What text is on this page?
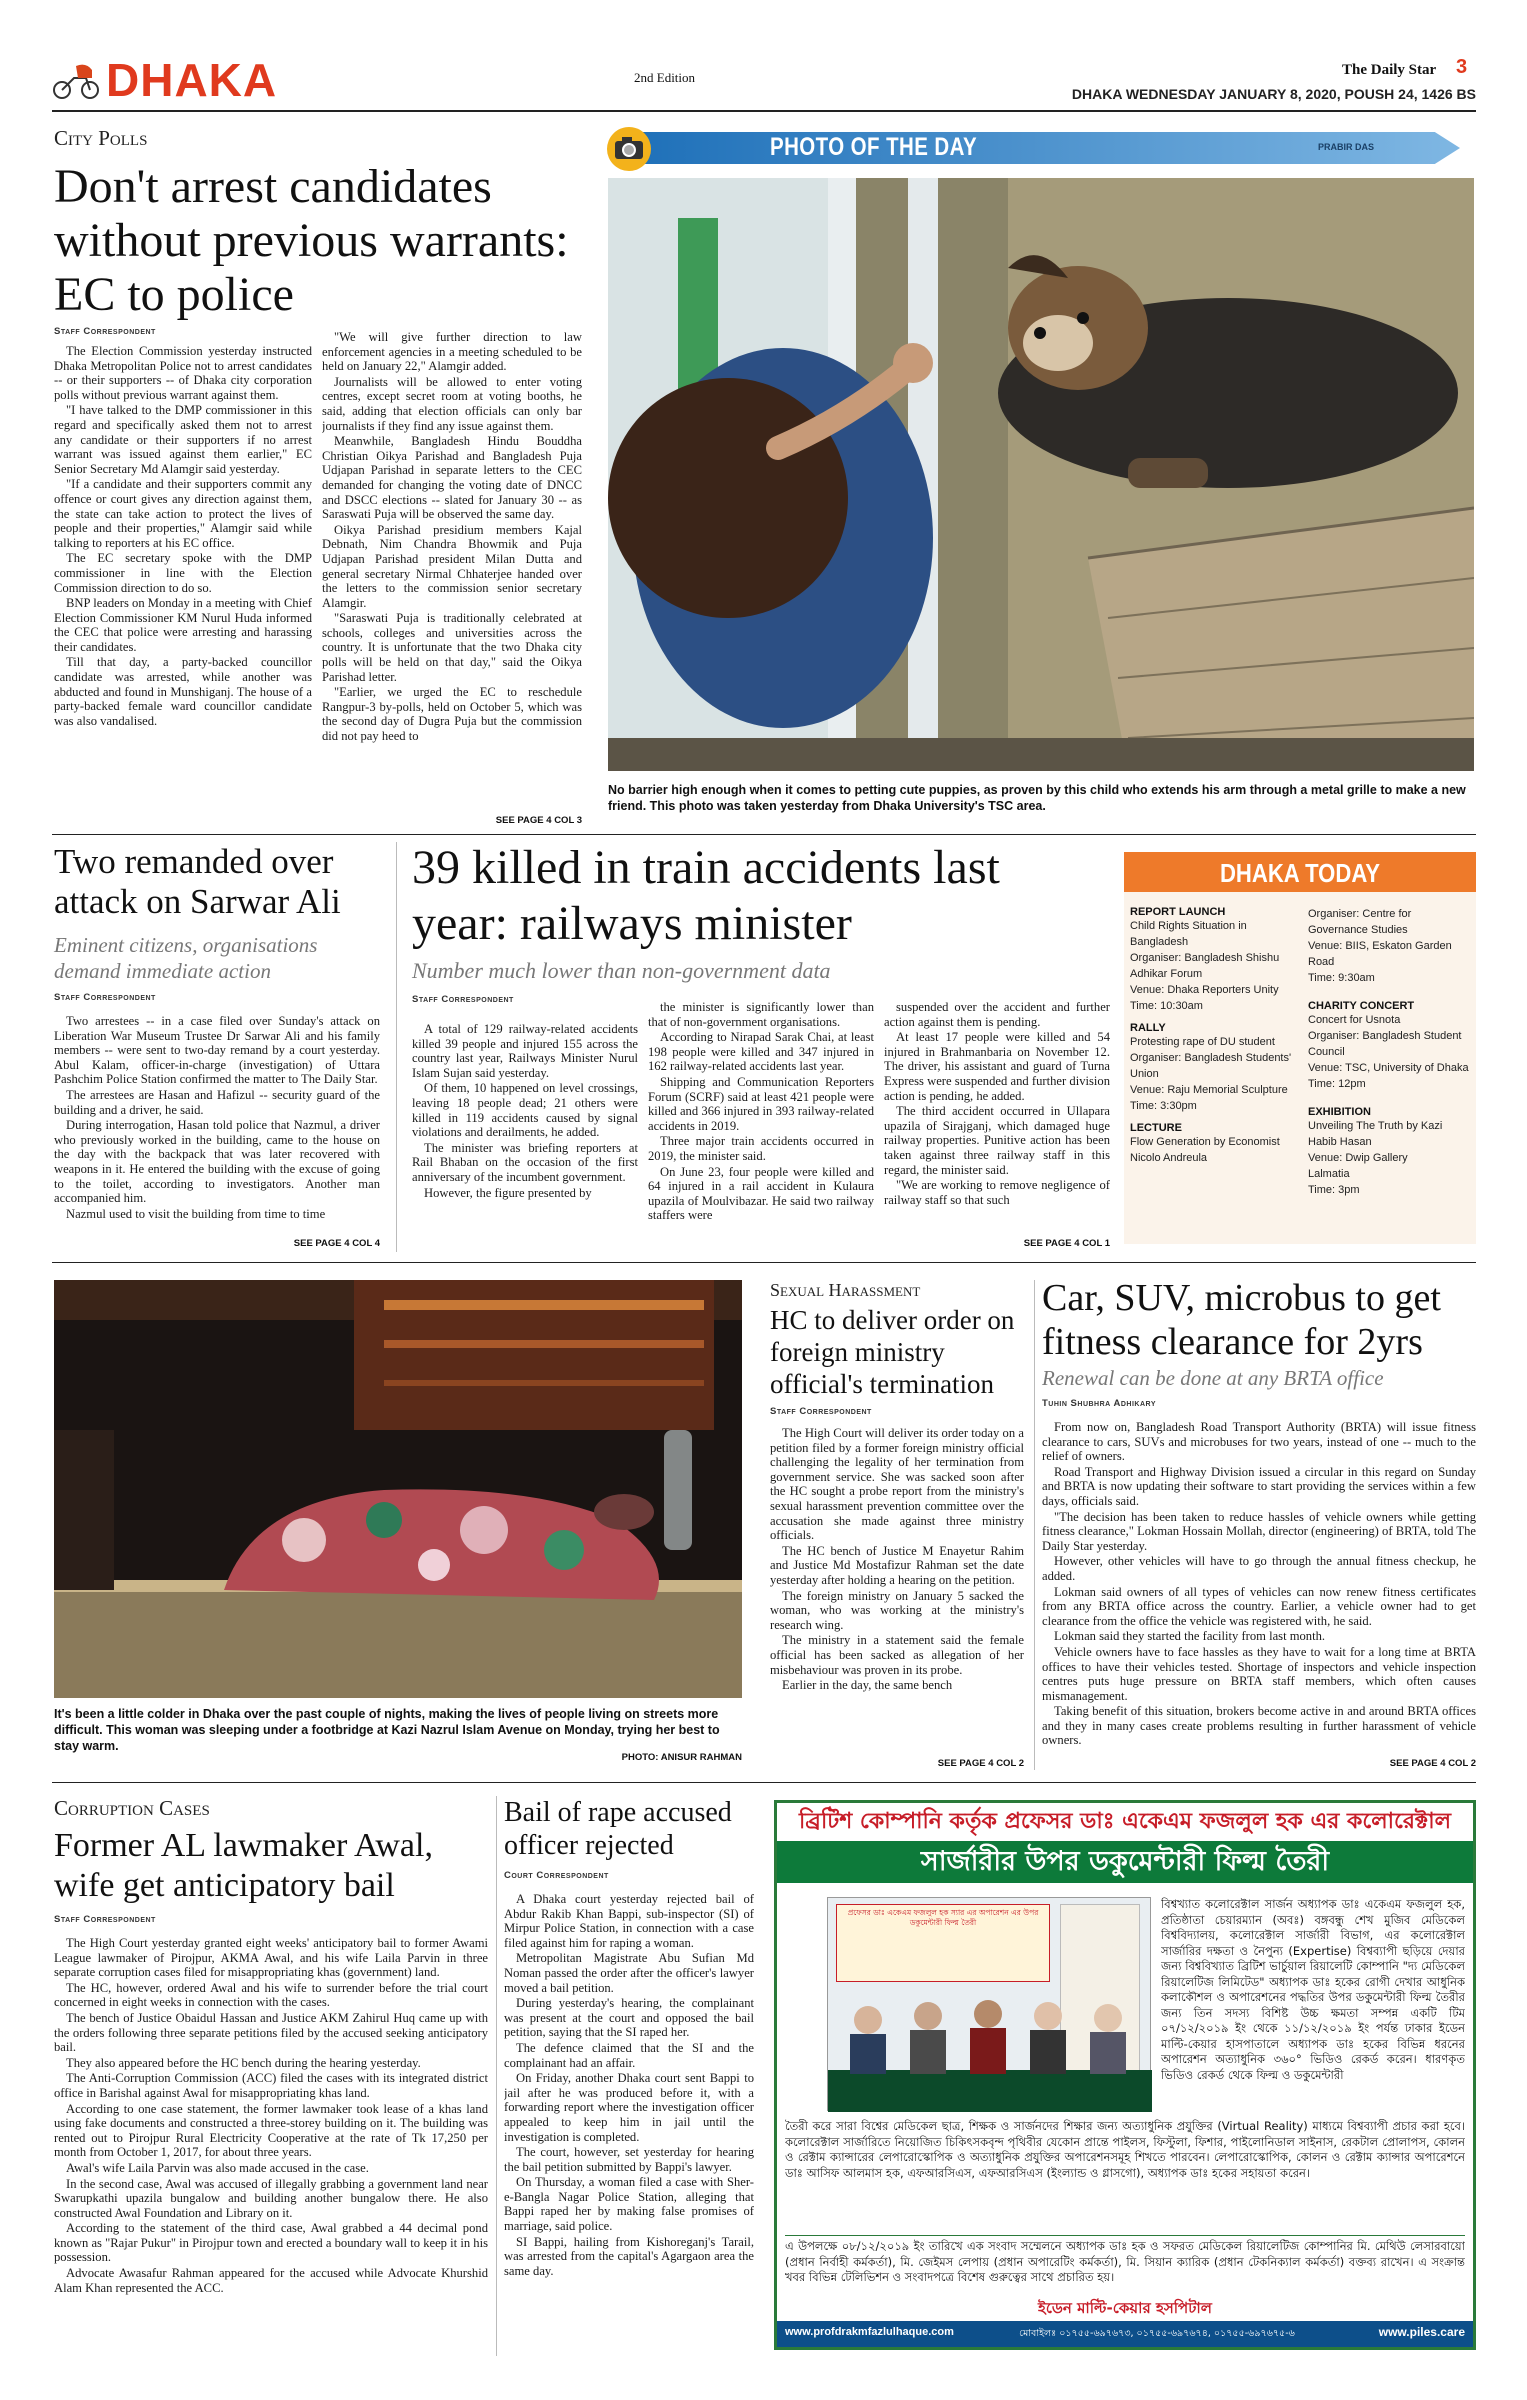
DHAKA	2nd Edition	The Daily Star 3
DHAKA WEDNESDAY JANUARY 8, 2020, POUSH 24, 1426 BS
City Polls
Don't arrest candidates without previous warrants: EC to police
Staff Correspondent

The Election Commission yesterday instructed Dhaka Metropolitan Police not to arrest candidates -- or their supporters -- of Dhaka city corporation polls without previous warrant against them.

"I have talked to the DMP commissioner in this regard and specifically asked them not to arrest any candidate or their supporters if no arrest warrant was issued against them earlier," EC Senior Secretary Md Alamgir said yesterday.

"If a candidate and their supporters commit any offence or court gives any direction against them, the state can take action to protect the lives of people and their properties," Alamgir said while talking to reporters at his EC office.

The EC secretary spoke with the DMP commissioner in line with the Election Commission direction to do so.

BNP leaders on Monday in a meeting with Chief Election Commissioner KM Nurul Huda informed the CEC that police were arresting and harassing their candidates.

Till that day, a party-backed councillor candidate was arrested, while another was abducted and found in Munshiganj. The house of a party-backed female ward councillor candidate was also vandalised.

"We will give further direction to law enforcement agencies in a meeting scheduled to be held on January 22," Alamgir added.

Journalists will be allowed to enter voting centres, except secret room at voting booths, he said, adding that election officials can only bar journalists if they find any issue against them.

Meanwhile, Bangladesh Hindu Bouddha Christian Oikya Parishad and Bangladesh Puja Udjapan Parishad in separate letters to the CEC demanded for changing the voting date of DNCC and DSCC elections -- slated for January 30 -- as Saraswati Puja will be observed the same day.

Oikya Parishad presidium members Kajal Debnath, Nim Chandra Bhowmik and Puja Udjapan Parishad president Milan Dutta and general secretary Nirmal Chhaterjee handed over the letters to the commission senior secretary Alamgir.

"Saraswati Puja is traditionally celebrated at schools, colleges and universities across the country. It is unfortunate that the two Dhaka city polls will be held on that day," said the Oikya Parishad letter.

"Earlier, we urged the EC to reschedule Rangpur-3 by-polls, held on October 5, which was the second day of Dugra Puja but the commission did not pay heed to

SEE PAGE 4 COL 3
PHOTO OF THE DAY	PRABIR DAS
No barrier high enough when it comes to petting cute puppies, as proven by this child who extends his arm through a metal grille to make a new friend. This photo was taken yesterday from Dhaka University's TSC area.
Two remanded over attack on Sarwar Ali
Eminent citizens, organisations demand immediate action
Staff Correspondent

Two arrestees -- in a case filed over Sunday's attack on Liberation War Museum Trustee Dr Sarwar Ali and his family members -- were sent to two-day remand by a court yesterday. Abul Kalam, officer-in-charge (investigation) of Uttara Pashchim Police Station confirmed the matter to The Daily Star.

The arrestees are Hasan and Hafizul -- security guard of the building and a driver, he said.

During interrogation, Hasan told police that Nazmul, a driver who previously worked in the building, came to the house on the day with the backpack that was later recovered with weapons in it. He entered the building with the excuse of going to the toilet, according to investigators. Another man accompanied him.

Nazmul used to visit the building from time to time

SEE PAGE 4 COL 4
39 killed in train accidents last year: railways minister
Number much lower than non-government data
Staff Correspondent

A total of 129 railway-related accidents killed 39 people and injured 155 across the country last year, Railways Minister Nurul Islam Sujan said yesterday.

Of them, 10 happened on level crossings, leaving 18 people dead; 21 others were killed in 119 accidents caused by signal violations and derailments, he added.

The minister was briefing reporters at Rail Bhaban on the occasion of the first anniversary of the incumbent government.

However, the figure presented by

the minister is significantly lower than that of non-government organisations.

According to Nirapad Sarak Chai, at least 198 people were killed and 347 injured in 162 railway-related accidents last year.

Shipping and Communication Reporters Forum (SCRF) said at least 421 people were killed and 366 injured in 393 railway-related accidents in 2019.

Three major train accidents occurred in 2019, the minister said.

On June 23, four people were killed and 64 injured in a rail accident in Kulaura upazila of Moulvibazar. He said two railway staffers were

suspended over the accident and further action against them is pending.

At least 17 people were killed and 54 injured in Brahmanbaria on November 12. The driver, his assistant and guard of Turna Express were suspended and further division action is pending, he added.

The third accident occurred in Ullapara upazila of Sirajganj, which damaged huge railway properties. Punitive action has been taken against three railway staff in this regard, the minister said.

"We are working to remove negligence of railway staff so that such

SEE PAGE 4 COL 1
DHAKA TODAY
REPORT LAUNCH
Child Rights Situation in Bangladesh
Organiser: Bangladesh Shishu Adhikar Forum
Venue: Dhaka Reporters Unity
Time: 10:30am
RALLY
Protesting rape of DU student
Organiser: Bangladesh Students' Union
Venue: Raju Memorial Sculpture
Time: 3:30pm
LECTURE
Flow Generation by Economist Nicolo Andreula
Organiser: Centre for Governance Studies
Venue: BIIS, Eskaton Garden Road
Time: 9:30am
CHARITY CONCERT
Concert for Usnota
Organiser: Bangladesh Student Council
Venue: TSC, University of Dhaka
Time: 12pm
EXHIBITION
Unveiling The Truth by Kazi Habib Hasan
Venue: Dwip Gallery
Lalmatia
Time: 3pm
It's been a little colder in Dhaka over the past couple of nights, making the lives of people living on streets more difficult. This woman was sleeping under a footbridge at Kazi Nazrul Islam Avenue on Monday, trying her best to stay warm.
PHOTO: ANISUR RAHMAN
Sexual Harassment
HC to deliver order on foreign ministry official's termination
Staff Correspondent

The High Court will deliver its order today on a petition filed by a former foreign ministry official challenging the legality of her termination from government service. She was sacked soon after the HC sought a probe report from the ministry's sexual harassment prevention committee over the accusation she made against three ministry officials.

The HC bench of Justice M Enayetur Rahim and Justice Md Mostafizur Rahman set the date yesterday after holding a hearing on the petition.

The foreign ministry on January 5 sacked the woman, who was working at the ministry's research wing.

The ministry in a statement said the female official has been sacked as allegation of her misbehaviour was proven in its probe.

Earlier in the day, the same bench

SEE PAGE 4 COL 2
Car, SUV, microbus to get fitness clearance for 2yrs
Renewal can be done at any BRTA office
Tuhin Shubhra Adhikary

From now on, Bangladesh Road Transport Authority (BRTA) will issue fitness clearance to cars, SUVs and microbuses for two years, instead of one -- much to the relief of owners.

Road Transport and Highway Division issued a circular in this regard on Sunday and BRTA is now updating their software to start providing the services within a few days, officials said.

"The decision has been taken to reduce hassles of vehicle owners while getting fitness clearance," Lokman Hossain Mollah, director (engineering) of BRTA, told The Daily Star yesterday.

However, other vehicles will have to go through the annual fitness checkup, he added.

Lokman said owners of all types of vehicles can now renew fitness certificates from any BRTA office across the country. Earlier, a vehicle owner had to get clearance from the office the vehicle was registered with, he said.

Lokman said they started the facility from last month.

Vehicle owners have to face hassles as they have to wait for a long time at BRTA offices to have their vehicles tested. Shortage of inspectors and vehicle inspection centres puts huge pressure on BRTA staff members, which often causes mismanagement.

Taking benefit of this situation, brokers become active in and around BRTA offices and they in many cases create problems resulting in further harassment of vehicle owners.

SEE PAGE 4 COL 2
Corruption Cases
Former AL lawmaker Awal, wife get anticipatory bail
Staff Correspondent

The High Court yesterday granted eight weeks' anticipatory bail to former Awami League lawmaker of Pirojpur, AKMA Awal, and his wife Laila Parvin in three separate corruption cases filed for misappropriating khas (government) land.

The HC, however, ordered Awal and his wife to surrender before the trial court concerned in eight weeks in connection with the cases.

The bench of Justice Obaidul Hassan and Justice AKM Zahirul Huq came up with the orders following three separate petitions filed by the accused seeking anticipatory bail.

They also appeared before the HC bench during the hearing yesterday.

The Anti-Corruption Commission (ACC) filed the cases with its integrated district office in Barishal against Awal for misappropriating khas land.

According to one case statement, the former lawmaker took lease of a khas land using fake documents and constructed a three-storey building on it. The building was rented out to Pirojpur Rural Electricity Cooperative at the rate of Tk 17,250 per month from October 1, 2017, for about three years.

Awal's wife Laila Parvin was also made accused in the case.

In the second case, Awal was accused of illegally grabbing a government land near Swarupkathi upazila bungalow and building another bungalow there. He also constructed Awal Foundation and Library on it.

According to the statement of the third case, Awal grabbed a 44 decimal pond known as "Rajar Pukur" in Pirojpur town and erected a boundary wall to keep it in his possession.

Advocate Awasafur Rahman appeared for the accused while Advocate Khurshid Alam Khan represented the ACC.

Bail of rape accused officer rejected
Court Correspondent

A Dhaka court yesterday rejected bail of Abdur Rakib Khan Bappi, sub-inspector (SI) of Mirpur Police Station, in connection with a case filed against him for raping a woman.

Metropolitan Magistrate Abu Sufian Md Noman passed the order after the officer's lawyer moved a bail petition.

During yesterday's hearing, the complainant was present at the court and opposed the bail petition, saying that the SI raped her.

The defence claimed that the SI and the complainant had an affair.

On Friday, another Dhaka court sent Bappi to jail after he was produced before it, with a forwarding report where the investigation officer appealed to keep him in jail until the investigation is completed.

The court, however, set yesterday for hearing the bail petition submitted by Bappi's lawyer.

On Thursday, a woman filed a case with Sher-e-Bangla Nagar Police Station, alleging that Bappi raped her by making false promises of marriage, said police.

SI Bappi, hailing from Kishoreganj's Tarail, was arrested from the capital's Agargaon area the same day.

ব্রিটিশ কোম্পানি কর্তৃক প্রফেসর ডাঃ একেএম ফজলুল হক এর কলোরেক্টাল
সার্জারীর উপর ডকুমেন্টারী ফিল্ম তৈরী
প্রফেসর ডাঃ একেএম ফজলুল হক স্যার এর অপারেশন এর উপর ডকুমেন্টারী ফিল্ম তৈরী
বিশ্বখ্যাত কলোরেক্টাল সার্জন অধ্যাপক ডাঃ একেএম ফজলুল হক, প্রতিষ্ঠাতা চেয়ারম্যান (অবঃ) বঙ্গবন্ধু শেখ মুজিব মেডিকেল বিশ্ববিদ্যালয়, কলোরেক্টাল সার্জারী বিভাগ, এর কলোরেক্টাল সার্জারির দক্ষতা ও নৈপুন্য (Expertise) বিশ্বব্যাপী ছড়িয়ে দেয়ার জন্য বিশ্ববিখ্যাত ব্রিটিশ ভার্চুয়াল রিয়ালেটি কোম্পানি "দ্য মেডিকেল রিয়ালেটিজ লিমিটেড" অধ্যাপক ডাঃ হকের রোগী দেখার আধুনিক কলাকৌশল ও অপারেশনের পদ্ধতির উপর ডকুমেন্টারী ফিল্ম তৈরীর জন্য তিন সদস্য বিশিষ্ট উচ্চ ক্ষমতা সম্পন্ন একটি টিম ০৭/১২/২০১৯ ইং থেকে ১১/১২/২০১৯ ইং পর্যন্ত ঢাকার ইডেন মাল্টি-কেয়ার হাসপাতালে অধ্যাপক ডাঃ হকের বিভিন্ন ধরনের অপারেশন অত্যাধুনিক ৩৬০° ভিডিও রেকর্ড করেন। ধারণকৃত ভিডিও রেকর্ড থেকে ফিল্ম ও ডকুমেন্টারী
তৈরী করে সারা বিশ্বের মেডিকেল ছাত্র, শিক্ষক ও সার্জনদের শিক্ষার জন্য অত্যাধুনিক প্রযুক্তির (Virtual Reality) মাধ্যমে বিশ্বব্যাপী প্রচার করা হবে। কলোরেক্টাল সার্জারিতে নিয়োজিত চিকিৎসকবৃন্দ পৃথিবীর যেকোন প্রান্তে পাইলস, ফিস্টুলা, ফিশার, পাইলোনিডাল সাইনাস, রেকটাল প্রোলাপস, কোলন ও রেক্টাম ক্যান্সারের লেপারোস্কোপিক ও অত্যাধুনিক প্রযুক্তির অপারেশনসমূহ শিখতে পারবেন। লেপারোস্কোপিক, কোলন ও রেক্টাম ক্যান্সার অপারেশনে ডাঃ আসিফ আলমাস হক, এফআরসিএস, এফআরসিএস (ইংল্যান্ড ও গ্লাসগো), অধ্যাপক ডাঃ হকের সহায়তা করেন।
এ উপলক্ষে ০৮/১২/২০১৯ ইং তারিখে এক সংবাদ সম্মেলনে অধ্যাপক ডাঃ হক ও সফরত মেডিকেল রিয়ালেটিজ কোম্পানির মি. মেথিউ লেসারবায়ো (প্রধান নির্বাহী কর্মকর্তা), মি. জেইমস লেপায় (প্রধান অপারেটিং কর্মকর্তা), মি. সিয়ান ক্যারিক (প্রধান টেকনিক্যাল কর্মকর্তা) বক্তব্য রাখেন। এ সংক্রান্ত খবর বিভিন্ন টেলিভিশন ও সংবাদপত্রে বিশেষ গুরুত্বের সাথে প্রচারিত হয়।
ইডেন মাল্টি-কেয়ার হসপিটাল
www.profdrakmfazlulhaque.com	মোবাইলঃ ০১৭৫৫-৬৯৭৬৭৩, ০১৭৫৫-৬৯৭৬৭৪, ০১৭৫৫-৬৯৭৬৭৫-৬	www.piles.care
